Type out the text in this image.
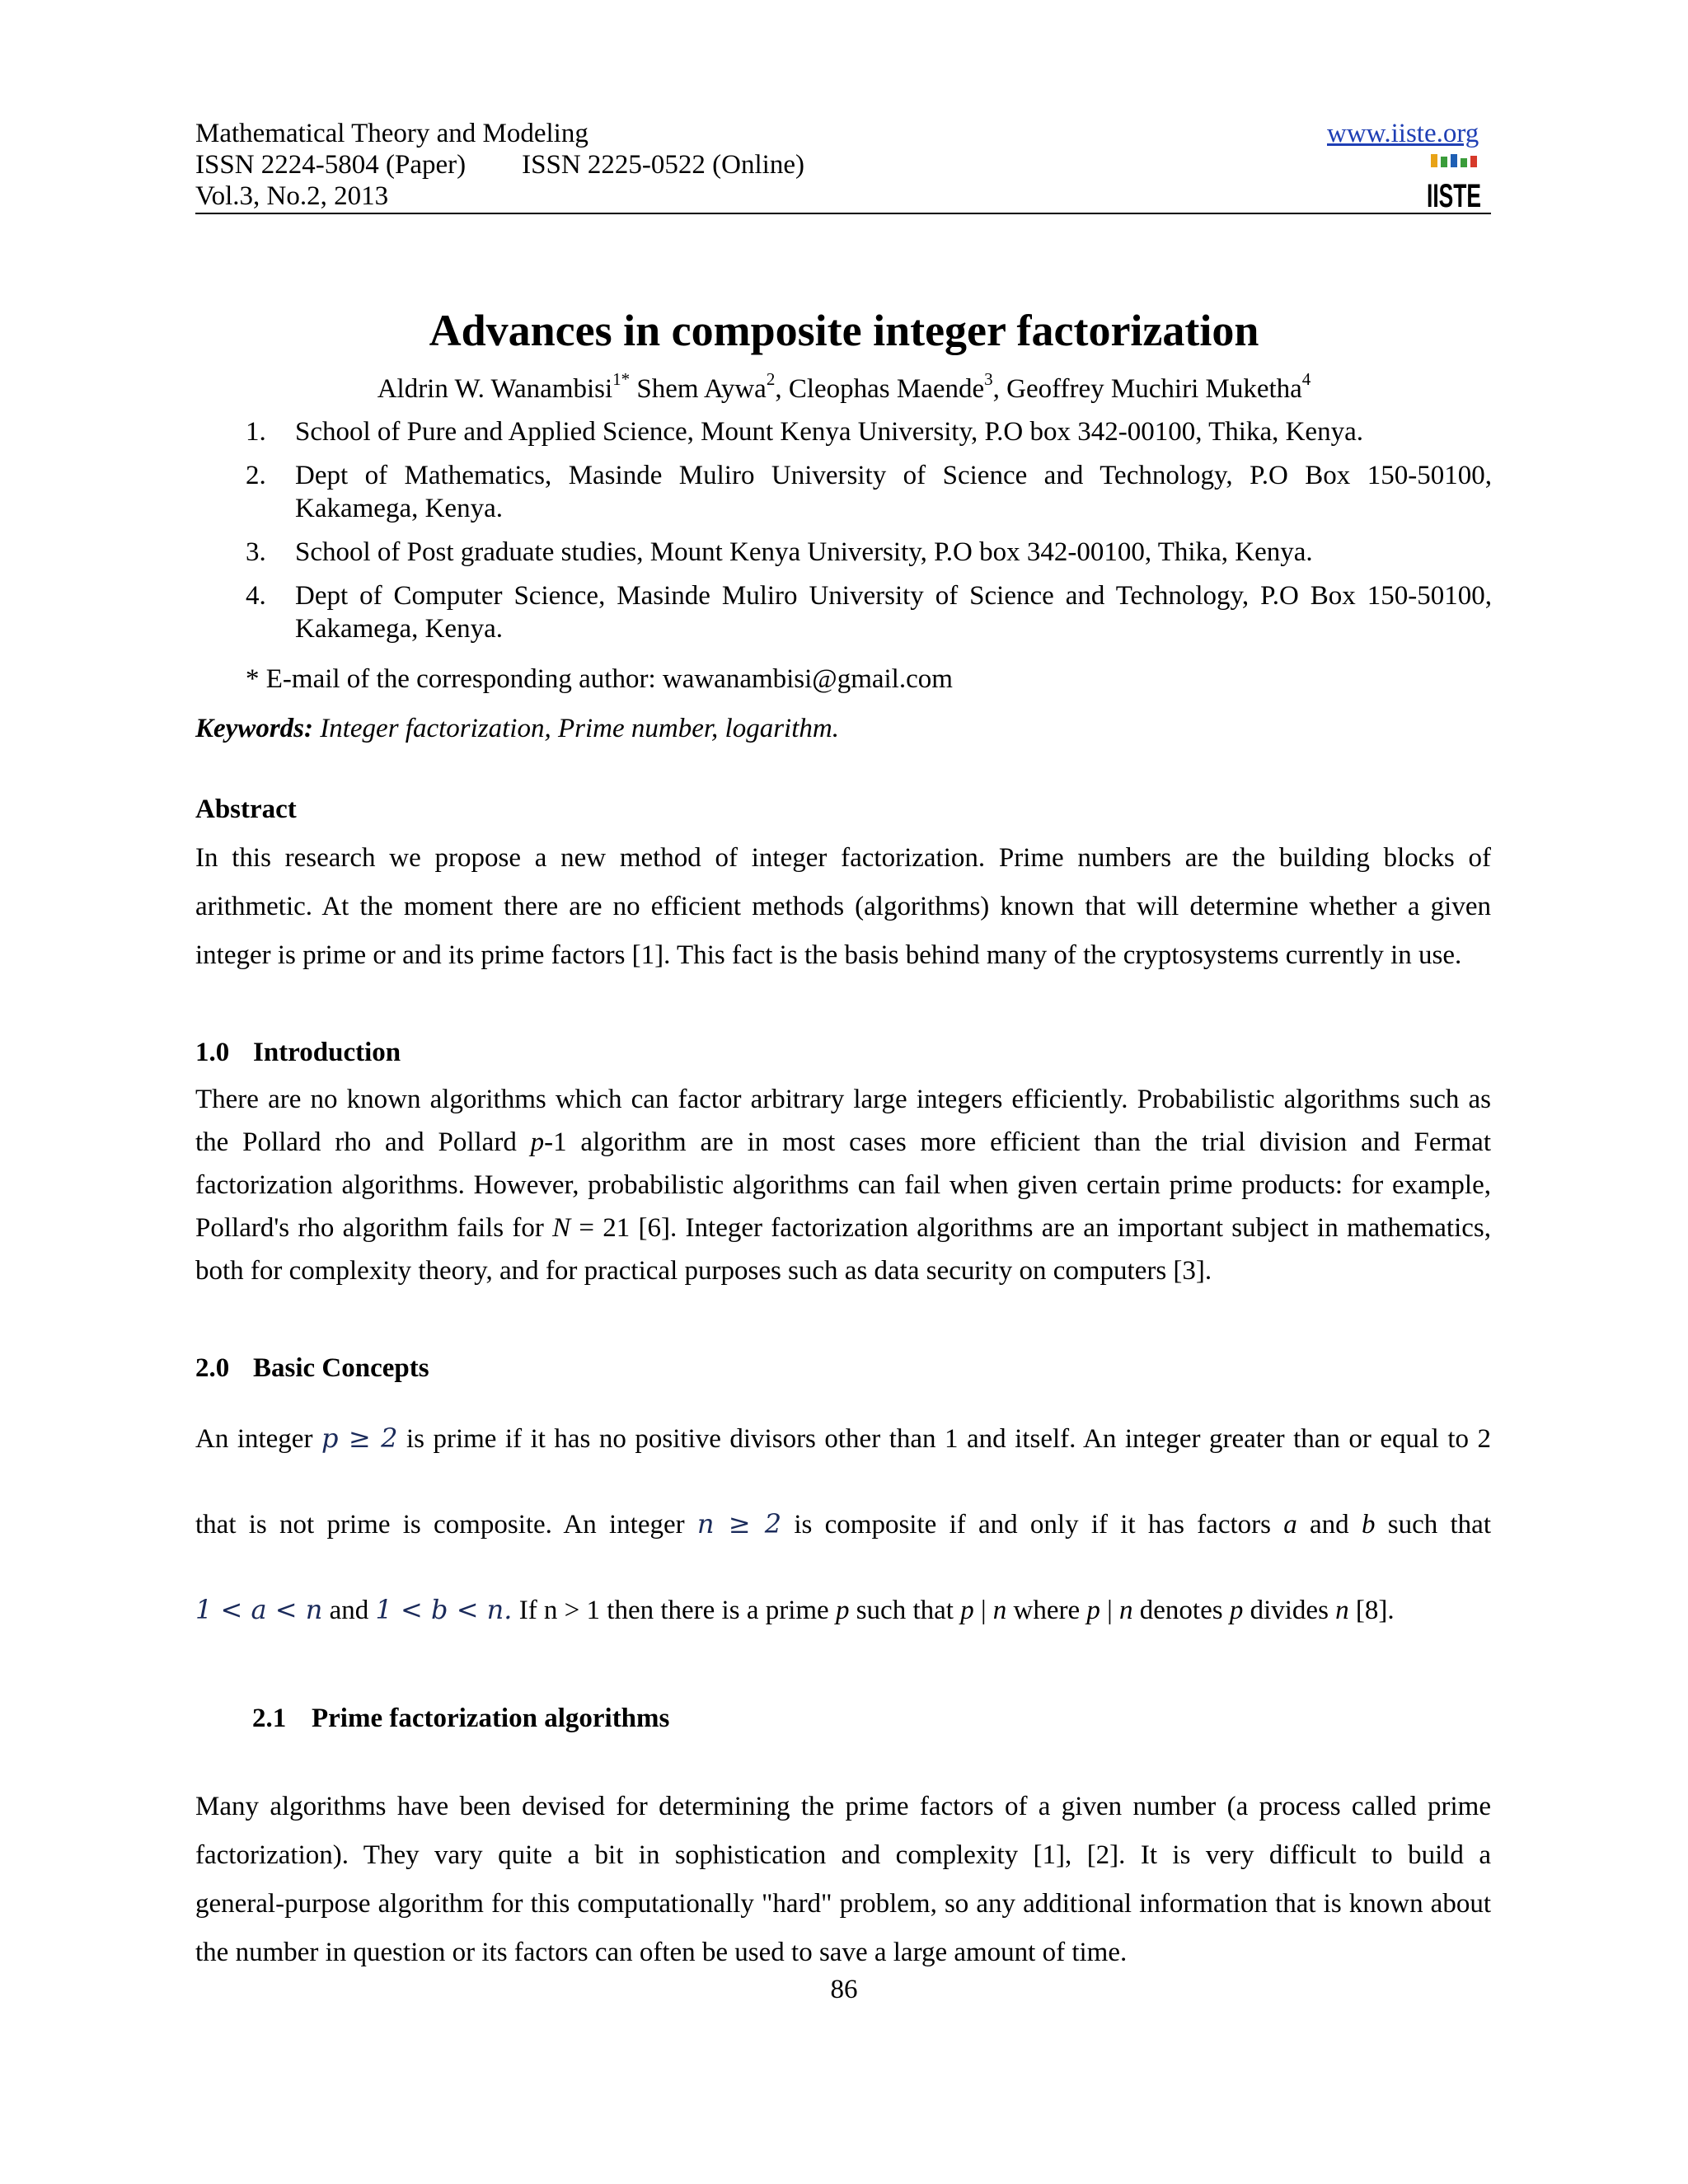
Mathematical Theory and Modeling
ISSN 2224-5804 (Paper) ISSN 2225-0522 (Online)
Vol.3, No.2, 2013
www.iiste.org
IISTE
Advances in composite integer factorization
Aldrin W. Wanambisi$^{1*}$ Shem Aywa$^2$, Cleophas Maende$^3$, Geoffrey Muchiri Muketha$^4$
1. School of Pure and Applied Science, Mount Kenya University, P.O box 342-00100, Thika, Kenya.
2. Dept of Mathematics, Masinde Muliro University of Science and Technology, P.O Box 150-50100,
Kakamega, Kenya.
3. School of Post graduate studies, Mount Kenya University, P.O box 342-00100, Thika, Kenya.
4. Dept of Computer Science, Masinde Muliro University of Science and Technology, P.O Box 150-50100,
Kakamega, Kenya.
* E-mail of the corresponding author: wawanambisi@gmail.com
Keywords: Integer factorization, Prime number, logarithm.
Abstract
In this research we propose a new method of integer factorization. Prime numbers are the building blocks of
arithmetic. At the moment there are no efficient methods (algorithms) known that will determine whether a given
integer is prime or and its prime factors [1]. This fact is the basis behind many of the cryptosystems currently in use.
1.0 Introduction
There are no known algorithms which can factor arbitrary large integers efficiently. Probabilistic algorithms such as
the Pollard rho and Pollard p-1 algorithm are in most cases more efficient than the trial division and Fermat
factorization algorithms. However, probabilistic algorithms can fail when given certain prime products: for example,
Pollard's rho algorithm fails for N = 21 [6]. Integer factorization algorithms are an important subject in mathematics,
both for complexity theory, and for practical purposes such as data security on computers [3].
2.0 Basic Concepts
An integer p ≥ 2 is prime if it has no positive divisors other than 1 and itself. An integer greater than or equal to 2
that is not prime is composite. An integer n ≥ 2 is composite if and only if it has factors a and b such that
1 < a < n and 1 < b < n. If n > 1 then there is a prime p such that p | n where p | n denotes p divides n [8].
2.1 Prime factorization algorithms
Many algorithms have been devised for determining the prime factors of a given number (a process called prime
factorization). They vary quite a bit in sophistication and complexity [1], [2]. It is very difficult to build a
general-purpose algorithm for this computationally "hard" problem, so any additional information that is known about
the number in question or its factors can often be used to save a large amount of time.
86
